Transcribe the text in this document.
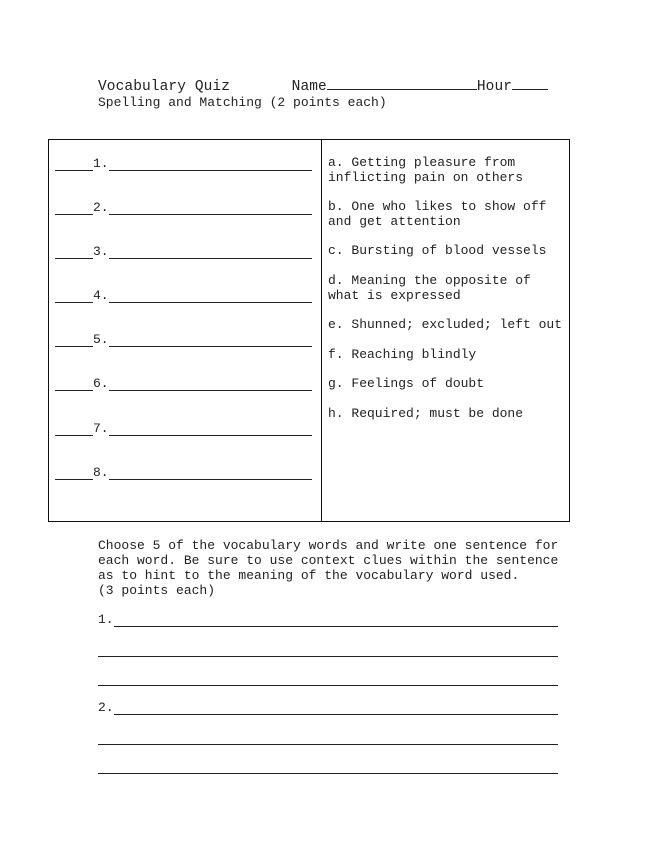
Vocabulary Quiz	Name	Hour
Spelling and Matching (2 points each)
1.
2.
3.
4.
5.
6.
7.
8.
a. Getting pleasure from inflicting pain on others
b. One who likes to show off and get attention
c. Bursting of blood vessels
d. Meaning the opposite of what is expressed
e. Shunned; excluded; left out
f. Reaching blindly
g. Feelings of doubt
h. Required; must be done
Choose 5 of the vocabulary words and write one sentence for
each word. Be sure to use context clues within the sentence
as to hint to the meaning of the vocabulary word used.
(3 points each)
1.
2.
